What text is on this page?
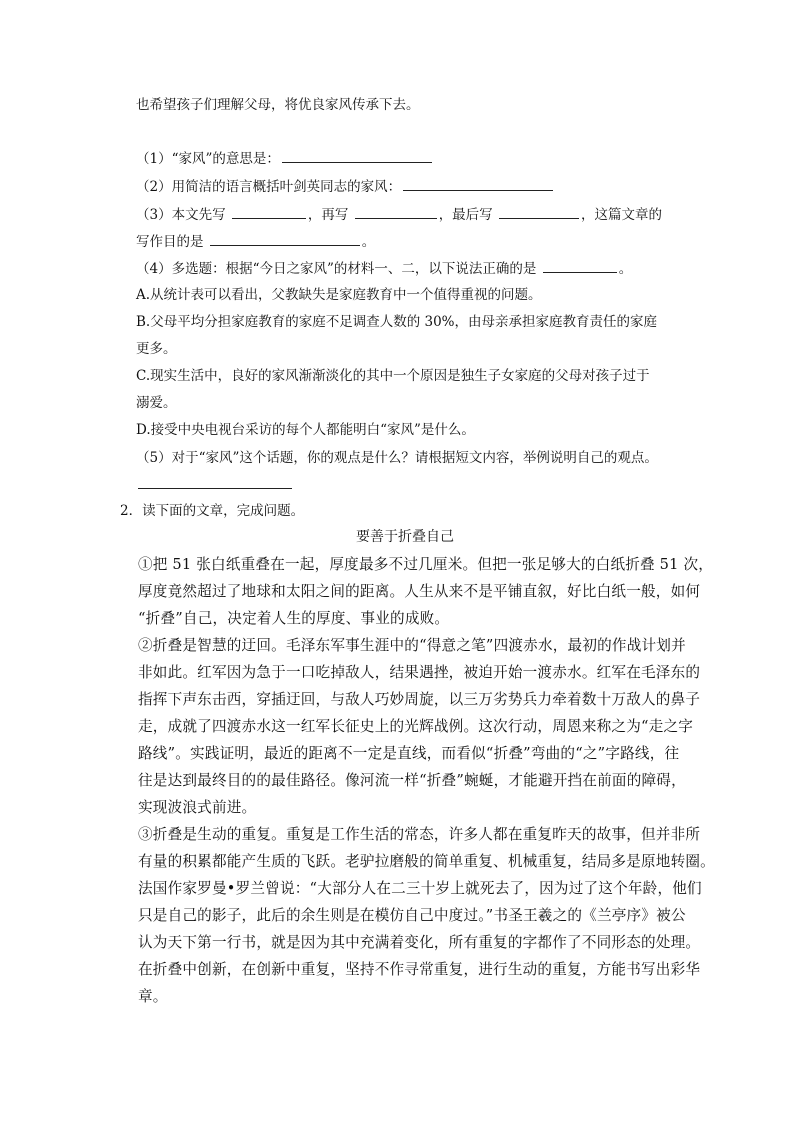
也希望孩子们理解父母，将优良家风传承下去。
（1）“家风”的意思是：
（2）用简洁的语言概括叶剑英同志的家风：
（3）本文先写	，再写	，最后写	，这篇文章的
写作目的是	。
（4）多选题：根据“今日之家风”的材料一、二，以下说法正确的是	。
A.从统计表可以看出，父教缺失是家庭教育中一个值得重视的问题。
B.父母平均分担家庭教育的家庭不足调查人数的 30%，由母亲承担家庭教育责任的家庭
更多。
C.现实生活中，良好的家风渐渐淡化的其中一个原因是独生子女家庭的父母对孩子过于
溺爱。
D.接受中央电视台采访的每个人都能明白“家风”是什么。
（5）对于“家风”这个话题，你的观点是什么？请根据短文内容，举例说明自己的观点。
2．读下面的文章，完成问题。
要善于折叠自己
①把 51 张白纸重叠在一起，厚度最多不过几厘米。但把一张足够大的白纸折叠 51 次，
厚度竟然超过了地球和太阳之间的距离。人生从来不是平铺直叙，好比白纸一般，如何
“折叠”自己，决定着人生的厚度、事业的成败。
②折叠是智慧的迂回。毛泽东军事生涯中的“得意之笔”四渡赤水，最初的作战计划并
非如此。红军因为急于一口吃掉敌人，结果遇挫，被迫开始一渡赤水。红军在毛泽东的
指挥下声东击西，穿插迂回，与敌人巧妙周旋，以三万劣势兵力牵着数十万敌人的鼻子
走，成就了四渡赤水这一红军长征史上的光辉战例。这次行动，周恩来称之为“走之字
路线”。实践证明，最近的距离不一定是直线，而看似“折叠”弯曲的“之”字路线，往
往是达到最终目的的最佳路径。像河流一样“折叠”蜿蜒，才能避开挡在前面的障碍，
实现波浪式前进。
③折叠是生动的重复。重复是工作生活的常态，许多人都在重复昨天的故事，但并非所
有量的积累都能产生质的飞跃。老驴拉磨般的简单重复、机械重复，结局多是原地转圈。
法国作家罗曼•罗兰曾说：“大部分人在二三十岁上就死去了，因为过了这个年龄，他们
只是自己的影子，此后的余生则是在模仿自己中度过。”书圣王羲之的《兰亭序》被公
认为天下第一行书，就是因为其中充满着变化，所有重复的字都作了不同形态的处理。
在折叠中创新，在创新中重复，坚持不作寻常重复，进行生动的重复，方能书写出彩华
章。
